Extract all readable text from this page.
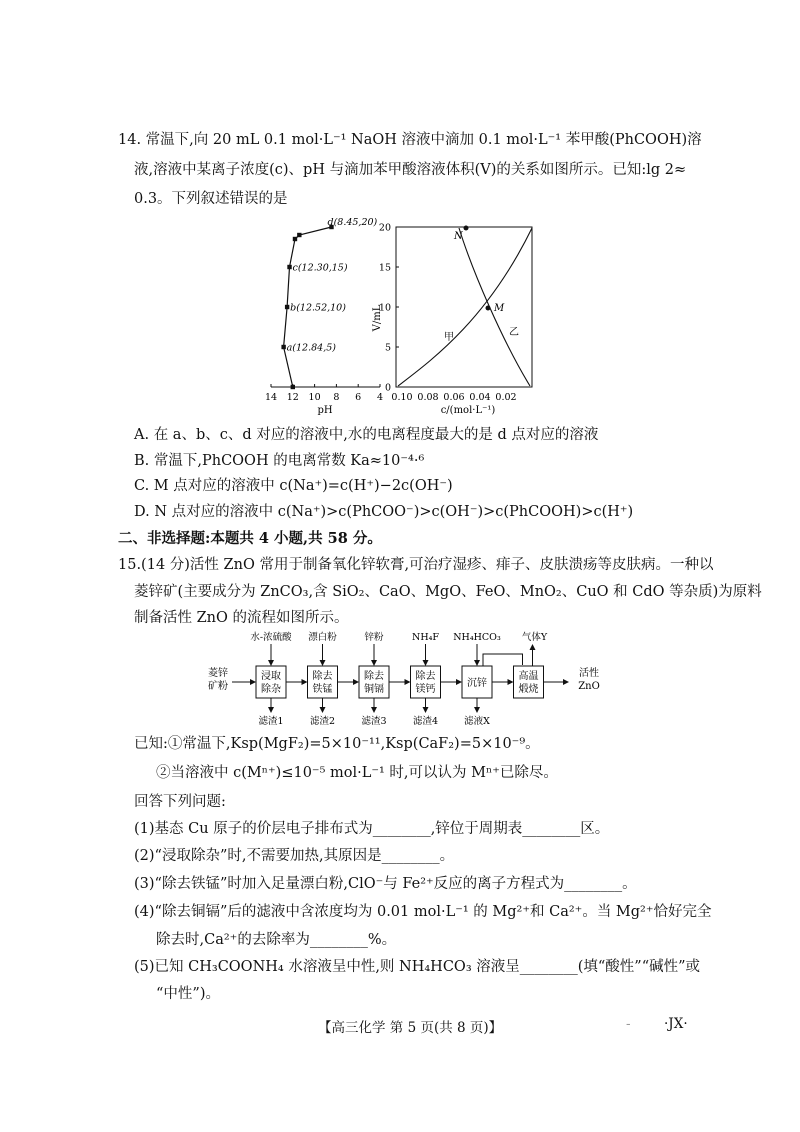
14. 常温下,向 20 mL 0.1 mol·L⁻¹ NaOH 溶液中滴加 0.1 mol·L⁻¹ 苯甲酸(PhCOOH)溶
液,溶液中某离子浓度(c)、pH 与滴加苯甲酸溶液体积(V)的关系如图所示。已知:lg 2≈
0.3。下列叙述错误的是
14 12 10 8 6 4
a(12.84,5)
b(12.52,10)
c(12.30,15)
d(8.45,20)
pH
0
5
10
15
20
0.10 0.08 0.06 0.04 0.02
V/mL
c/(mol·L⁻¹)
M
N
甲	乙
A. 在 a、b、c、d 对应的溶液中,水的电离程度最大的是 d 点对应的溶液
B. 常温下,PhCOOH 的电离常数 Ka≈10⁻⁴·⁶
C. M 点对应的溶液中 c(Na⁺)=c(H⁺)−2c(OH⁻)
D. N 点对应的溶液中 c(Na⁺)>c(PhCOO⁻)>c(OH⁻)>c(PhCOOH)>c(H⁺)
二、非选择题:本题共 4 小题,共 58 分。
15.(14 分)活性 ZnO 常用于制备氧化锌软膏,可治疗湿疹、痱子、皮肤溃疡等皮肤病。一种以
菱锌矿(主要成分为 ZnCO₃,含 SiO₂、CaO、MgO、FeO、MnO₂、CuO 和 CdO 等杂质)为原料
制备活性 ZnO 的流程如图所示。
菱锌
矿粉
活性
ZnO
浸取
除杂
水-浓硫酸
滤渣1
除去
铁锰
漂白粉
滤渣2
除去
铜镉
锌粉
滤渣3
除去
镁钙
NH₄F
滤渣4
沉锌
NH₄HCO₃
滤液X
高温
煅烧
气体Y
已知:①常温下,Ksp(MgF₂)=5×10⁻¹¹,Ksp(CaF₂)=5×10⁻⁹。
②当溶液中 c(Mⁿ⁺)≤10⁻⁵ mol·L⁻¹ 时,可以认为 Mⁿ⁺已除尽。
回答下列问题:
(1)基态 Cu 原子的价层电子排布式为________,锌位于周期表________区。
(2)“浸取除杂”时,不需要加热,其原因是________。
(3)“除去铁锰”时加入足量漂白粉,ClO⁻与 Fe²⁺反应的离子方程式为________。
(4)“除去铜镉”后的滤液中含浓度均为 0.01 mol·L⁻¹ 的 Mg²⁺和 Ca²⁺。当 Mg²⁺恰好完全
除去时,Ca²⁺的去除率为________%。
(5)已知 CH₃COONH₄ 水溶液呈中性,则 NH₄HCO₃ 溶液呈________(填“酸性”“碱性”或
“中性”)。
【高三化学 第 5 页(共 8 页)】	- ·JX·
